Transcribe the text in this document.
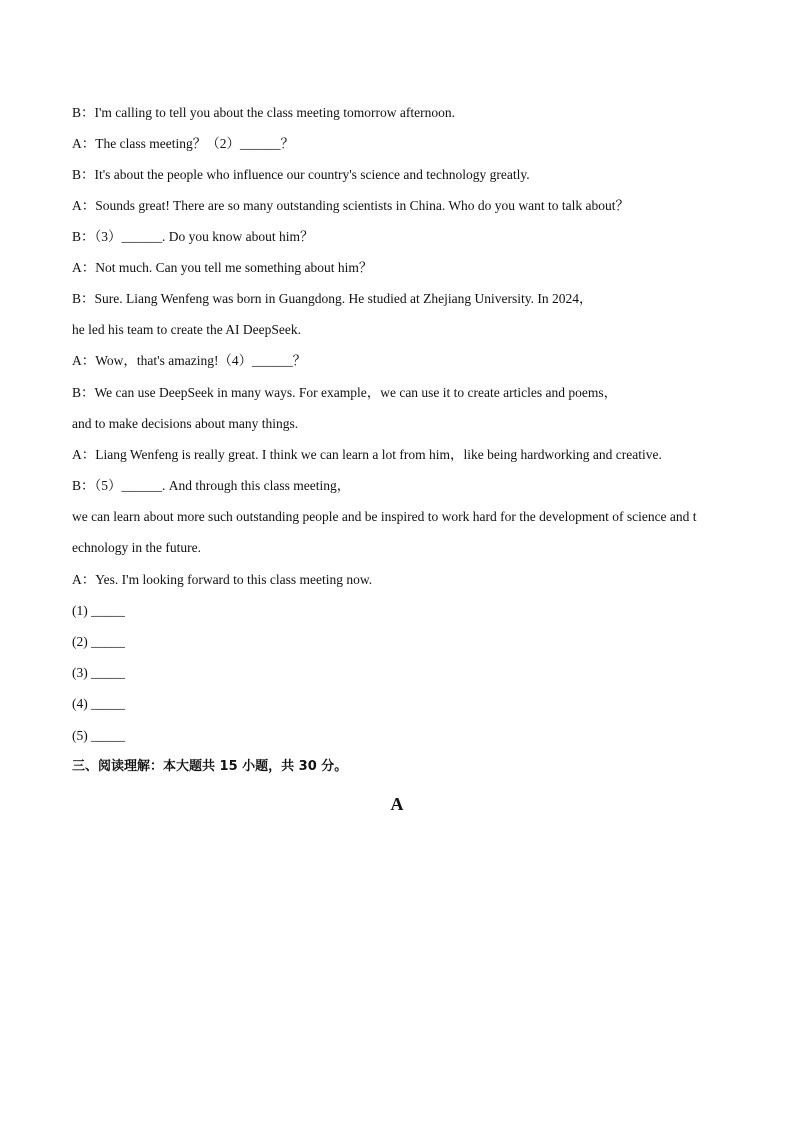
B：I'm calling to tell you about the class meeting tomorrow afternoon.
A：The class meeting？（2）______？
B：It's about the people who influence our country's science and technology greatly.
A：Sounds great! There are so many outstanding scientists in China. Who do you want to talk about？
B：（3）______. Do you know about him？
A：Not much. Can you tell me something about him？
B：Sure. Liang Wenfeng was born in Guangdong. He studied at Zhejiang University. In 2024，
he led his team to create the AI DeepSeek.
A：Wow，that's amazing!（4）______？
B：We can use DeepSeek in many ways. For example，we can use it to create articles and poems，
and to make decisions about many things.
A：Liang Wenfeng is really great. I think we can learn a lot from him，like being hardworking and creative.
B：（5）______. And through this class meeting，
we can learn about more such outstanding people and be inspired to work hard for the development of science and t
echnology in the future.
A：Yes. I'm looking forward to this class meeting now.
(1) _____
(2) _____
(3) _____
(4) _____
(5) _____
三、阅读理解：本大题共 15 小题，共 30 分。
A
